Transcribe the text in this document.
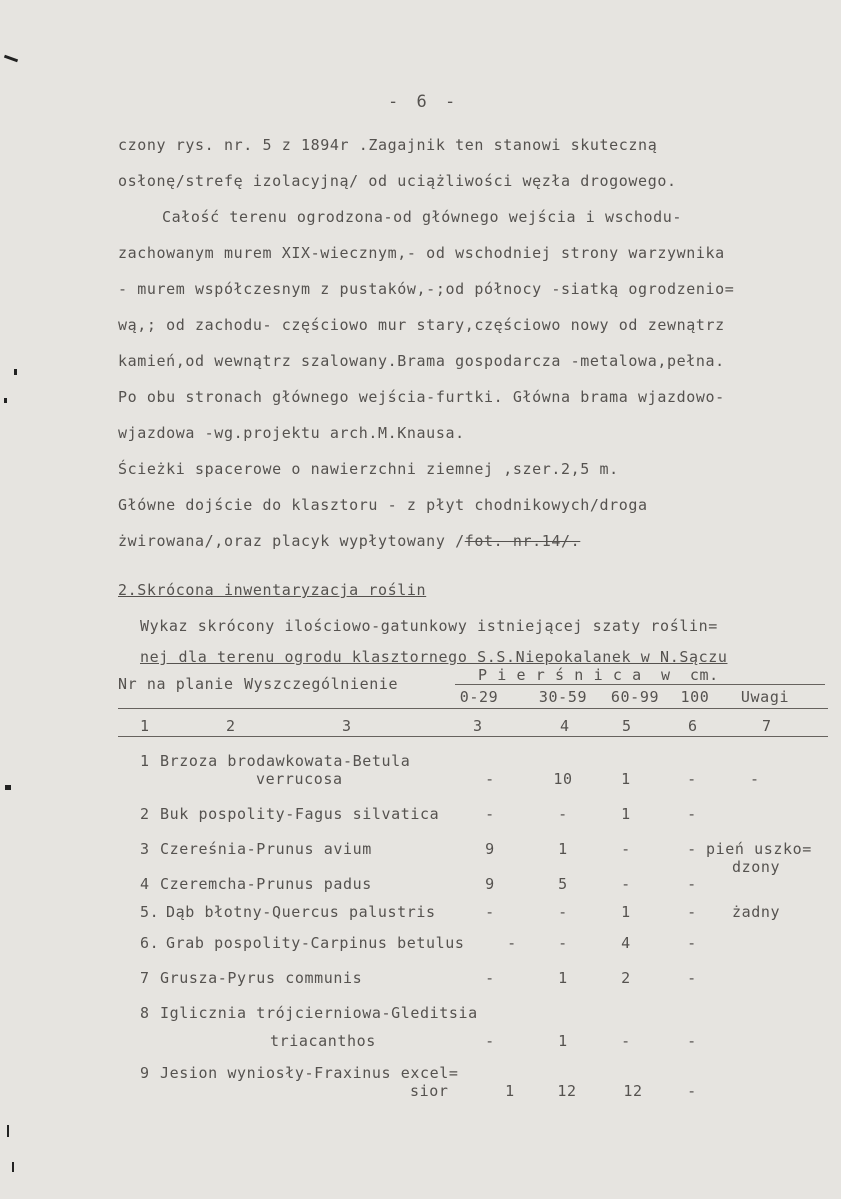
- 6 -
czony rys. nr. 5 z 1894r .Zagajnik ten stanowi skuteczną
osłonę/strefę izolacyjną/ od uciążliwości węzła drogowego.
Całość terenu ogrodzona-od głównego wejścia i wschodu-
zachowanym murem XIX-wiecznym,- od wschodniej strony warzywnika
- murem współczesnym z pustaków,-;od północy -siatką ogrodzenio=
wą,; od zachodu- częściowo mur stary,częściowo nowy od zewnątrz
kamień,od wewnątrz szalowany.Brama gospodarcza -metalowa,pełna.
Po obu stronach głównego wejścia-furtki. Główna brama wjazdowo-
wjazdowa -wg.projektu arch.M.Knausa.
Ścieżki spacerowe o nawierzchni ziemnej ,szer.2,5 m.
Główne dojście do klasztoru - z płyt chodnikowych/droga
żwirowana/,oraz placyk wypłytowany /fot. nr.14/.
2.Skrócona inwentaryzacja roślin
Wykaz skrócony ilościowo-gatunkowy istniejącej szaty roślin=
nej dla terenu ogrodu klasztornego S.S.Niepokalanek w N.Sączu
Nr na planie Wyszczególnienie	P i e r ś n i c a  w  cm.
0-29	30-59	60-99	100	Uwagi
1	2	3	3	4	5	6	7
1 Brzoza brodawkowata-Betula
verrucosa	-	10	1	-	-
2 Buk pospolity-Fagus silvatica	-	-	1	-
3 Czereśnia-Prunus avium	9	1	-	- pień uszko=
dzony
4 Czeremcha-Prunus padus	9	5	-	-
5. Dąb błotny-Quercus palustris	-	-	1	-	żadny
6. Grab pospolity-Carpinus betulus	-	-	4	-
7 Grusza-Pyrus communis	-	1	2	-
8 Iglicznia trójcierniowa-Gleditsia
triacanthos	-	1	-	-
9 Jesion wyniosły-Fraxinus excel=
sior	1	12	12	-
